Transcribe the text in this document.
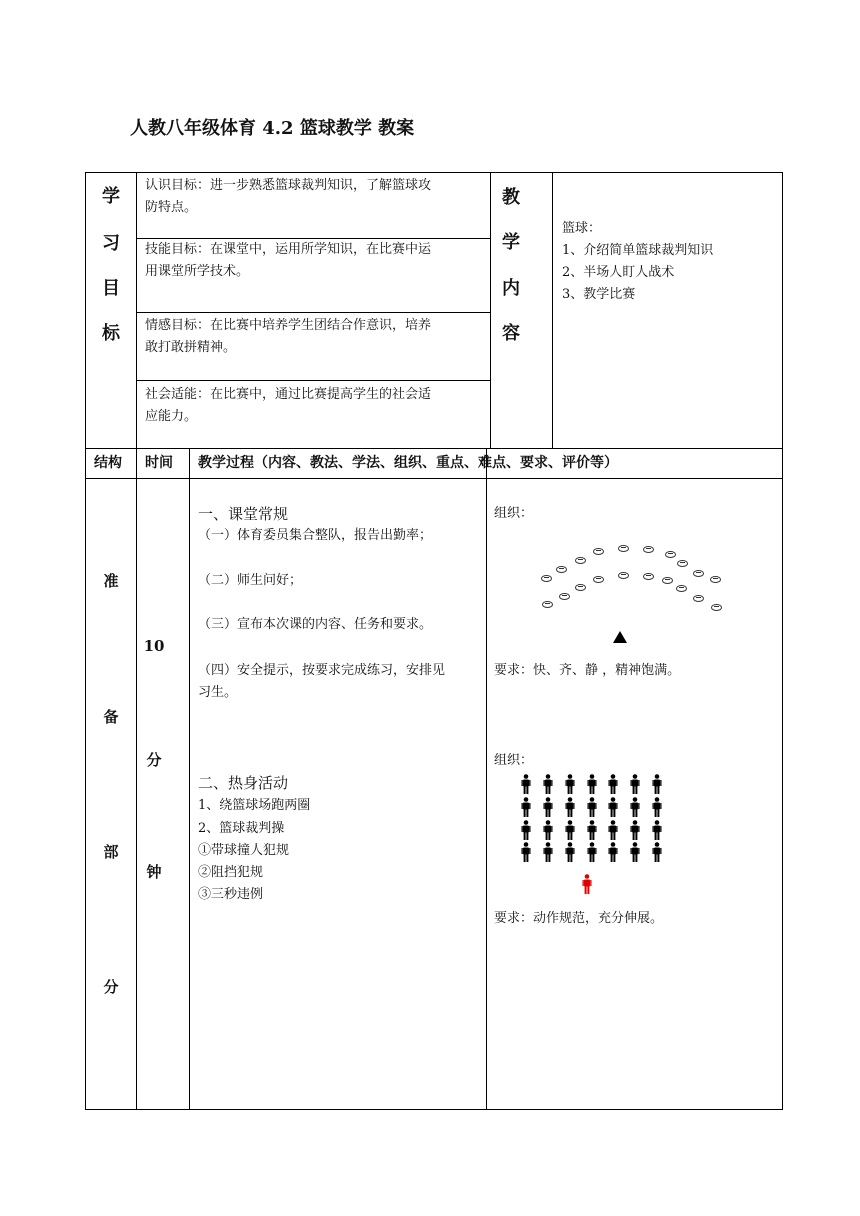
人教八年级体育 4.2 篮球教学 教案
学
习
目
标
认识目标：进一步熟悉篮球裁判知识，了解篮球攻
防特点。
技能目标：在课堂中，运用所学知识，在比赛中运
用课堂所学技术。
情感目标：在比赛中培养学生团结合作意识，培养
敢打敢拼精神。
社会适能：在比赛中，通过比赛提高学生的社会适
应能力。
教
学
内
容
篮球：
1、介绍简单篮球裁判知识
2、半场人盯人战术
3、教学比赛
结构 时间 教学过程（内容、教法、学法、组织、重点、难点、要求、评价等）
准
备
部
分
10
分
钟
一、课堂常规
（一）体育委员集合整队，报告出勤率；
（二）师生问好；
（三）宣布本次课的内容、任务和要求。
（四）安全提示，按要求完成练习，安排见
习生。
二、热身活动
1、绕篮球场跑两圈
2、篮球裁判操
①带球撞人犯规
②阻挡犯规
③三秒违例
组织：
要求：快、齐、静 ，精神饱满。
组织：
要求：动作规范，充分伸展。
